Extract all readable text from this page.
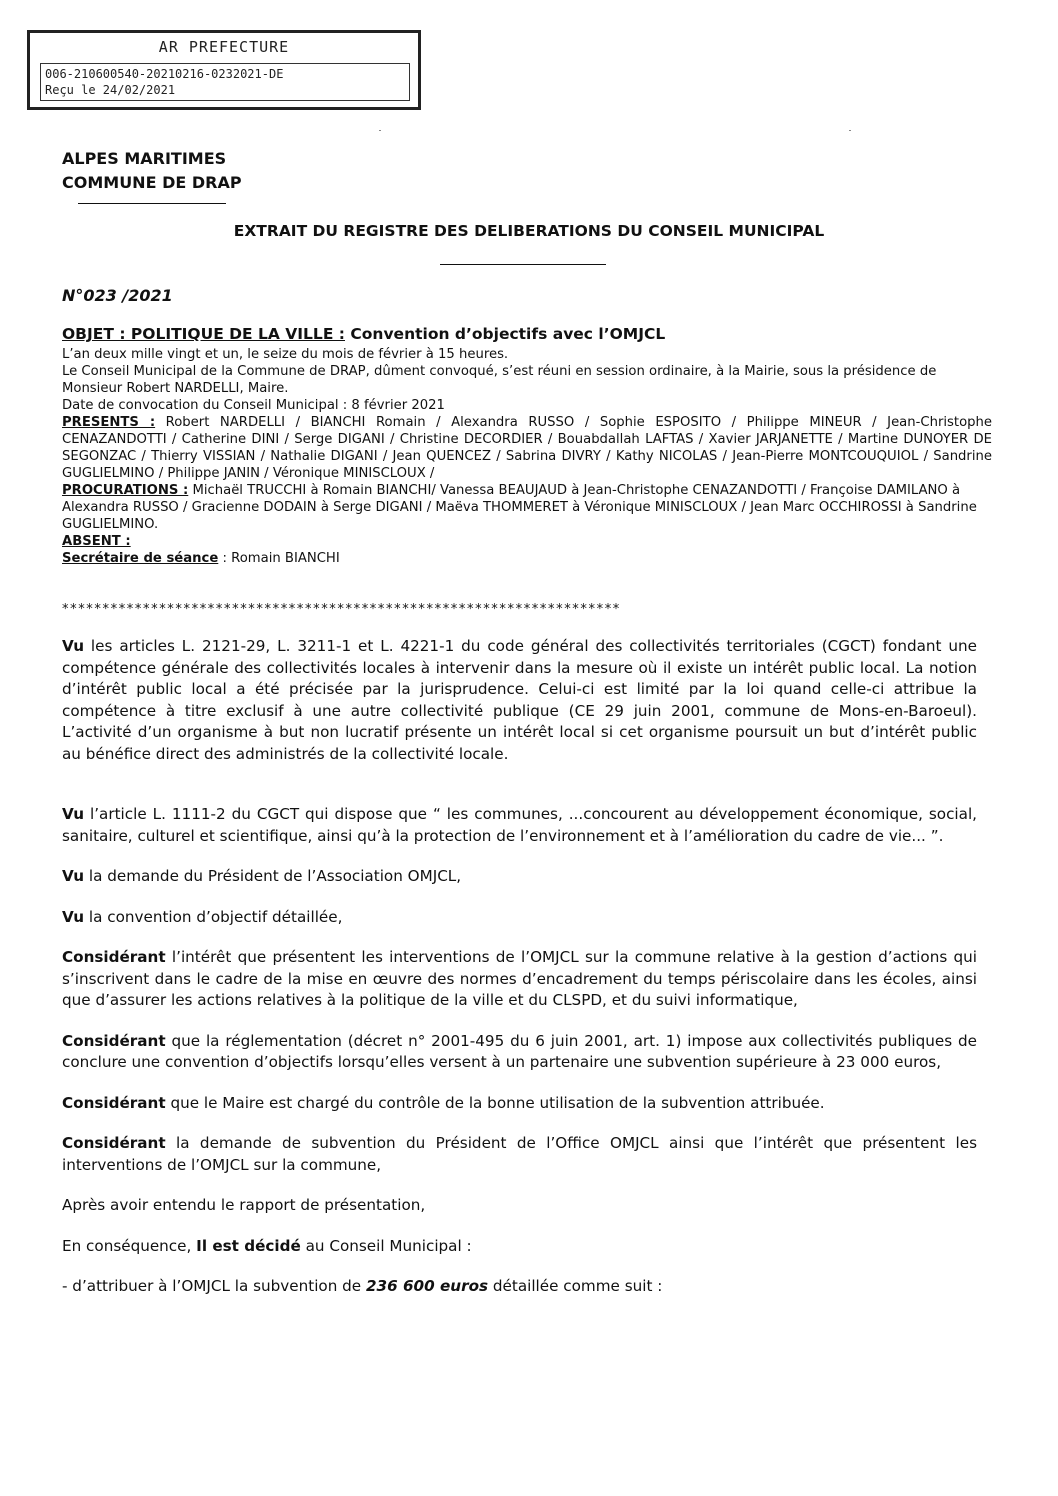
AR PREFECTURE
006-210600540-20210216-0232021-DE
Reçu le 24/02/2021
ALPES MARITIMES
COMMUNE DE DRAP
EXTRAIT DU REGISTRE DES DELIBERATIONS DU CONSEIL MUNICIPAL
N°023 /2021
OBJET : POLITIQUE DE LA VILLE : Convention d’objectifs avec l’OMJCL

L’an deux mille vingt et un, le seize du mois de février à 15 heures.

Le Conseil Municipal de la Commune de DRAP, dûment convoqué, s’est réuni en session ordinaire, à la Mairie, sous la présidence de Monsieur Robert NARDELLI, Maire.

Date de convocation du Conseil Municipal : 8 février 2021

PRESENTS : Robert NARDELLI / BIANCHI Romain / Alexandra RUSSO / Sophie ESPOSITO / Philippe MINEUR / Jean-Christophe CENAZANDOTTI / Catherine DINI / Serge DIGANI / Christine DECORDIER / Bouabdallah LAFTAS / Xavier JARJANETTE / Martine DUNOYER DE SEGONZAC / Thierry VISSIAN / Nathalie DIGANI / Jean QUENCEZ / Sabrina DIVRY / Kathy NICOLAS / Jean-Pierre MONTCOUQUIOL / Sandrine GUGLIELMINO / Philippe JANIN / Véronique MINISCLOUX /

PROCURATIONS : Michaël TRUCCHI à Romain BIANCHI/ Vanessa BEAUJAUD à Jean-Christophe CENAZANDOTTI / Françoise DAMILANO à Alexandra RUSSO / Gracienne DODAIN à Serge DIGANI / Maëva THOMMERET à Véronique MINISCLOUX / Jean Marc OCCHIROSSI à Sandrine GUGLIELMINO.

ABSENT :

Secrétaire de séance : Romain BIANCHI

*********************************************************************

Vu les articles L. 2121-29, L. 3211-1 et L. 4221-1 du code général des collectivités territoriales (CGCT) fondant une compétence générale des collectivités locales à intervenir dans la mesure où il existe un intérêt public local. La notion d’intérêt public local a été précisée par la jurisprudence. Celui-ci est limité par la loi quand celle-ci attribue la compétence à titre exclusif à une autre collectivité publique (CE 29 juin 2001, commune de Mons-en-Baroeul). L’activité d’un organisme à but non lucratif présente un intérêt local si cet organisme poursuit un but d’intérêt public au bénéfice direct des administrés de la collectivité locale.

Vu l’article L. 1111-2 du CGCT qui dispose que “ les communes, ...concourent au développement économique, social, sanitaire, culturel et scientifique, ainsi qu’à la protection de l’environnement et à l’amélioration du cadre de vie... ”.

Vu la demande du Président de l’Association OMJCL,

Vu la convention d’objectif détaillée,

Considérant l’intérêt que présentent les interventions de l’OMJCL sur la commune relative à la gestion d’actions qui s’inscrivent dans le cadre de la mise en œuvre des normes d’encadrement du temps périscolaire dans les écoles, ainsi que d’assurer les actions relatives à la politique de la ville et du CLSPD, et du suivi informatique,

Considérant que la réglementation (décret n° 2001-495 du 6 juin 2001, art. 1) impose aux collectivités publiques de conclure une convention d’objectifs lorsqu’elles versent à un partenaire une subvention supérieure à 23 000 euros,

Considérant que le Maire est chargé du contrôle de la bonne utilisation de la subvention attribuée.

Considérant la demande de subvention du Président de l’Office OMJCL ainsi que l’intérêt que présentent les interventions de l’OMJCL sur la commune,

Après avoir entendu le rapport de présentation,

En conséquence, Il est décidé au Conseil Municipal :

- d’attribuer à l’OMJCL la subvention de 236 600 euros détaillée comme suit :
